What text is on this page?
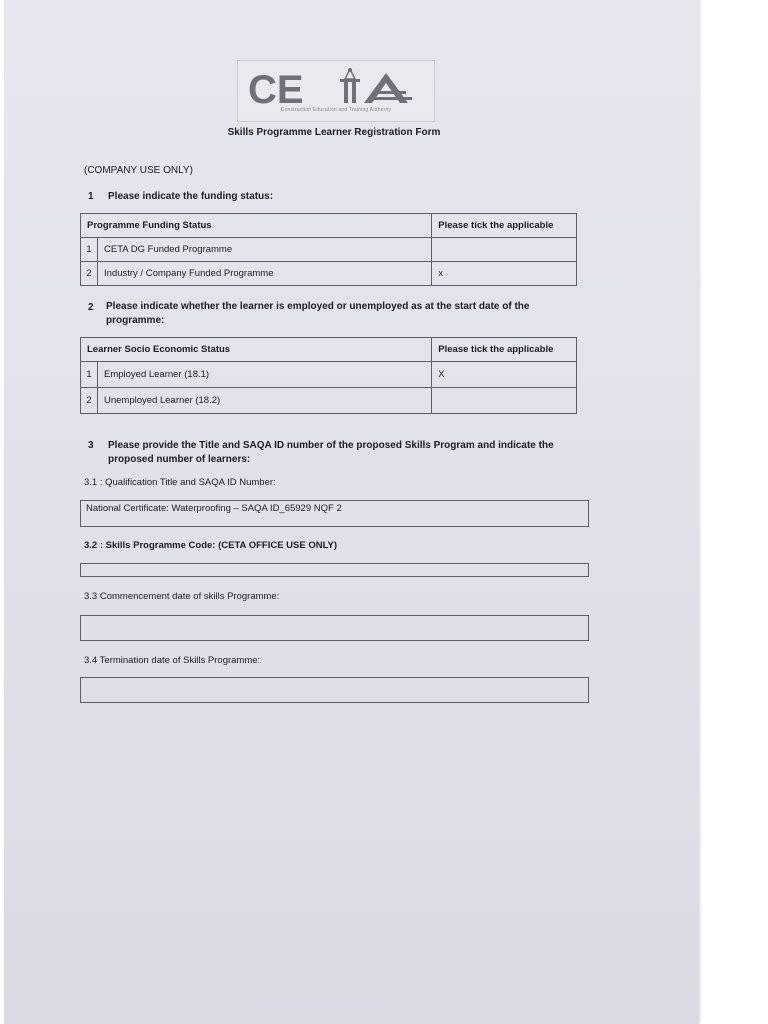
CE
Construction Education and Training Authority
Skills Programme Learner Registration Form
(COMPANY USE ONLY)
1 Please indicate the funding status:
Programme Funding Status		Please tick the applicable
1	CETA DG Funded Programme	
2	Industry / Company Funded Programme	x
2 Please indicate whether the learner is employed or unemployed as at the start date of the
programme:
Learner Socio Economic Status		Please tick the applicable
1	Employed Learner (18.1)	X
2	Unemployed Learner (18.2)	
3 Please provide the Title and SAQA ID number of the proposed Skills Program and indicate the
proposed number of learners:
3.1 : Qualification Title and SAQA ID Number:
National Certificate: Waterproofing – SAQA ID_65929 NQF 2
3.2 : Skills Programme Code: (CETA OFFICE USE ONLY)
3.3 Commencement date of skills Programme:
3.4 Termination date of Skills Programme:
